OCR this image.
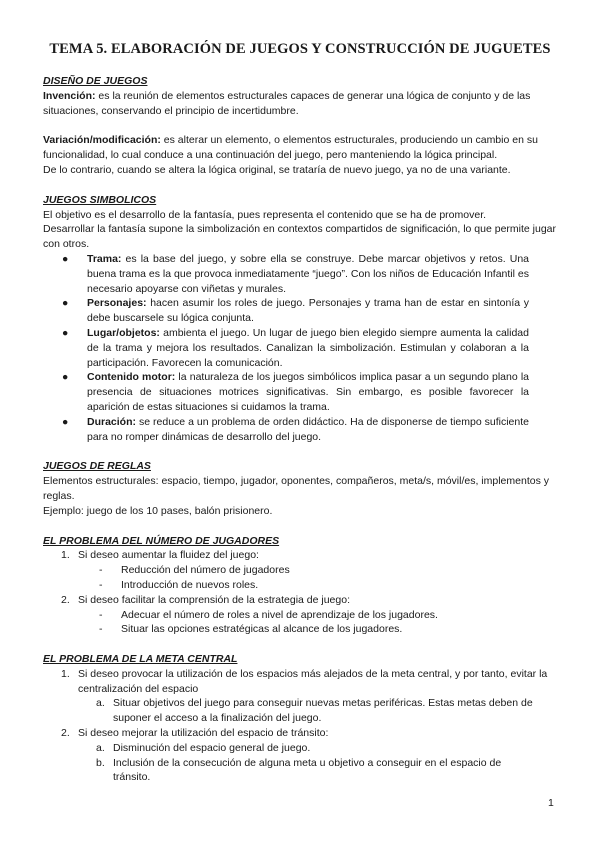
TEMA 5. ELABORACIÓN DE JUEGOS Y CONSTRUCCIÓN DE JUGUETES

DISEÑO DE JUEGOS

Invención: es la reunión de elementos estructurales capaces de generar una lógica de conjunto y de las situaciones, conservando el principio de incertidumbre.

Variación/modificación: es alterar un elemento, o elementos estructurales, produciendo un cambio en su funcionalidad, lo cual conduce a una continuación del juego, pero manteniendo la lógica principal.

De lo contrario, cuando se altera la lógica original, se trataría de nuevo juego, ya no de una variante.

JUEGOS SIMBOLICOS

El objetivo es el desarrollo de la fantasía, pues representa el contenido que se ha de promover.

Desarrollar la fantasía supone la simbolización en contextos compartidos de significación, lo que permite jugar con otros.

● Trama: es la base del juego, y sobre ella se construye. Debe marcar objetivos y retos. Una buena trama es la que provoca inmediatamente “juego”. Con los niños de Educación Infantil es necesario apoyarse con viñetas y murales.
● Personajes: hacen asumir los roles de juego. Personajes y trama han de estar en sintonía y debe buscarsele su lógica conjunta.
● Lugar/objetos: ambienta el juego. Un lugar de juego bien elegido siempre aumenta la calidad de la trama y mejora los resultados. Canalizan la simbolización. Estimulan y colaboran a la participación. Favorecen la comunicación.
● Contenido motor: la naturaleza de los juegos simbólicos implica pasar a un segundo plano la presencia de situaciones motrices significativas. Sin embargo, es posible favorecer la aparición de estas situaciones si cuidamos la trama.
● Duración: se reduce a un problema de orden didáctico. Ha de disponerse de tiempo suficiente para no romper dinámicas de desarrollo del juego.

JUEGOS DE REGLAS

Elementos estructurales: espacio, tiempo, jugador, oponentes, compañeros, meta/s, móvil/es, implementos y reglas.

Ejemplo: juego de los 10 pases, balón prisionero.

EL PROBLEMA DEL NÚMERO DE JUGADORES

1. Si deseo aumentar la fluidez del juego:
- Reducción del número de jugadores
- Introducción de nuevos roles.
2. Si deseo facilitar la comprensión de la estrategia de juego:
- Adecuar el número de roles a nivel de aprendizaje de los jugadores.
- Situar las opciones estratégicas al alcance de los jugadores.

EL PROBLEMA DE LA META CENTRAL

1. Si deseo provocar la utilización de los espacios más alejados de la meta central, y por tanto, evitar la centralización del espacio
a. Situar objetivos del juego para conseguir nuevas metas periféricas. Estas metas deben de suponer el acceso a la finalización del juego.
2. Si deseo mejorar la utilización del espacio de tránsito:
a. Disminución del espacio general de juego.
b. Inclusión de la consecución de alguna meta u objetivo a conseguir en el espacio de tránsito.
1
